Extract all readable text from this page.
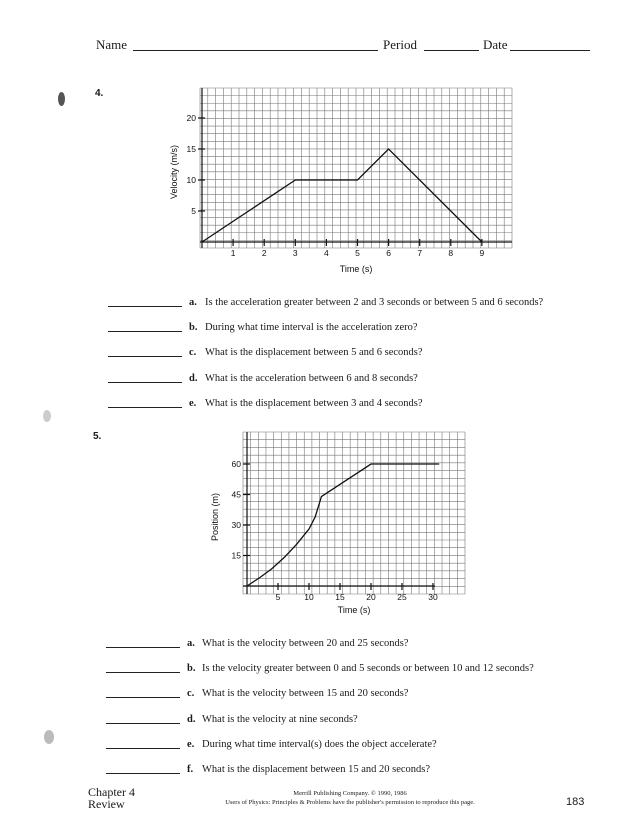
Name	Period	Date
4.
1	2	3	4	5	6	7	8	9
5
10
15
20
Time (s)
Velocity (m/s)
a. Is the acceleration greater between 2 and 3 seconds or between 5 and 6 seconds?
b. During what time interval is the acceleration zero?
c. What is the displacement between 5 and 6 seconds?
d. What is the acceleration between 6 and 8 seconds?
e. What is the displacement between 3 and 4 seconds?
5.
5	10	15	20	25	30
15
30
45
60
Time (s)
Position (m)
a. What is the velocity between 20 and 25 seconds?
b. Is the velocity greater between 0 and 5 seconds or between 10 and 12 seconds?
c. What is the velocity between 15 and 20 seconds?
d. What is the velocity at nine seconds?
e. During what time interval(s) does the object accelerate?
f. What is the displacement between 15 and 20 seconds?
Chapter 4
Review
Merrill Publishing Company. © 1990, 1986
Users of Physics: Principles & Problems have the publisher's permission to reproduce this page.	183
